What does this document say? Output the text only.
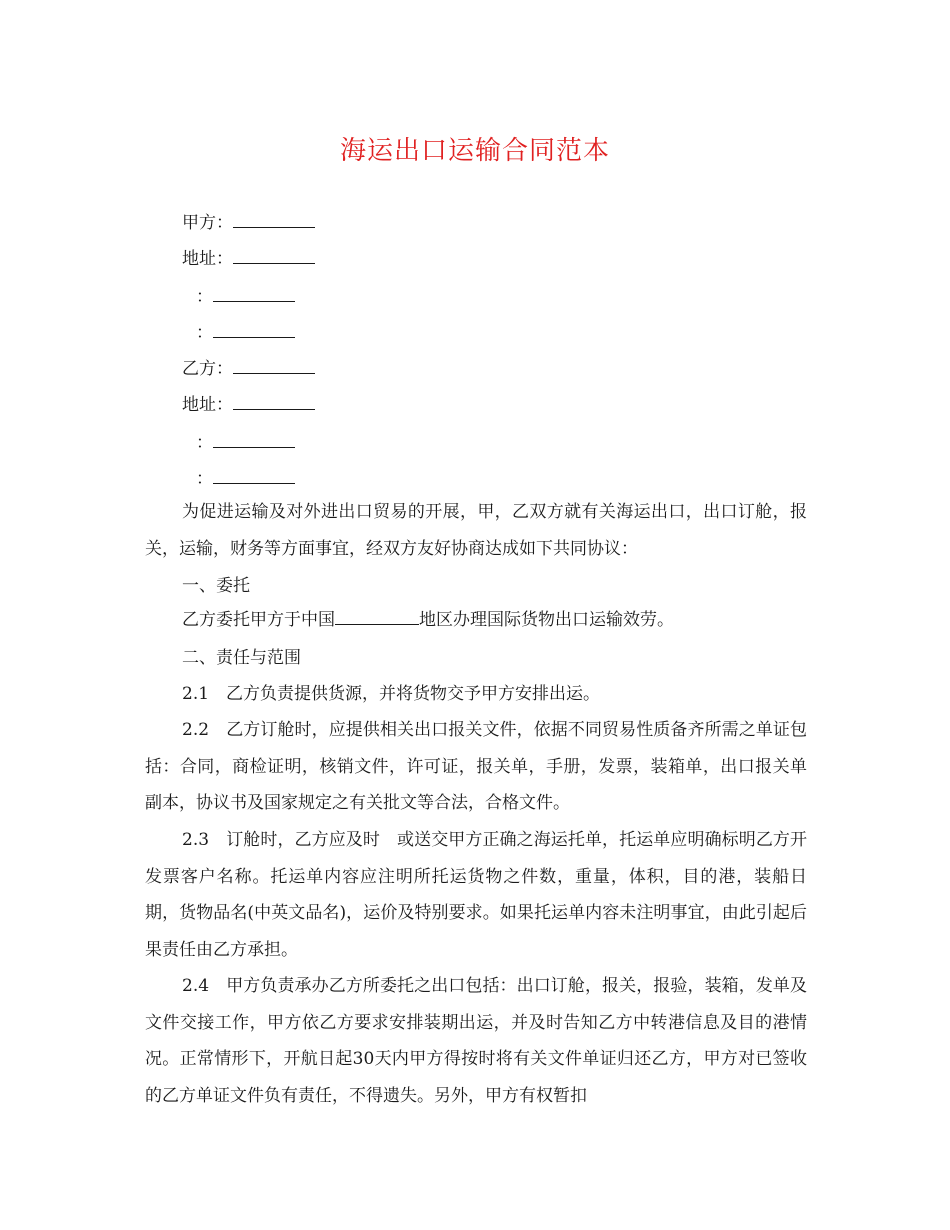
海运出口运输合同范本
甲方：
地址：
：
：
乙方：
地址：
：
：

为促进运输及对外进出口贸易的开展，甲，乙双方就有关海运出口，出口订舱，报关，运输，财务等方面事宜，经双方友好协商达成如下共同协议：

一、委托

乙方委托甲方于中国	地区办理国际货物出口运输效劳。

二、责任与范围

2.1　乙方负责提供货源，并将货物交予甲方安排出运。

2.2　乙方订舱时，应提供相关出口报关文件，依据不同贸易性质备齐所需之单证包括：合同，商检证明，核销文件，许可证，报关单，手册，发票，装箱单，出口报关单副本，协议书及国家规定之有关批文等合法，合格文件。

2.3　订舱时，乙方应及时　或送交甲方正确之海运托单，托运单应明确标明乙方开发票客户名称。托运单内容应注明所托运货物之件数，重量，体积，目的港，装船日期，货物品名(中英文品名)，运价及特别要求。如果托运单内容未注明事宜，由此引起后果责任由乙方承担。

2.4　甲方负责承办乙方所委托之出口包括：出口订舱，报关，报验，装箱，发单及文件交接工作，甲方依乙方要求安排装期出运，并及时告知乙方中转港信息及目的港情况。正常情形下，开航日起30天内甲方得按时将有关文件单证归还乙方，甲方对已签收的乙方单证文件负有责任，不得遗失。另外，甲方有权暂扣
